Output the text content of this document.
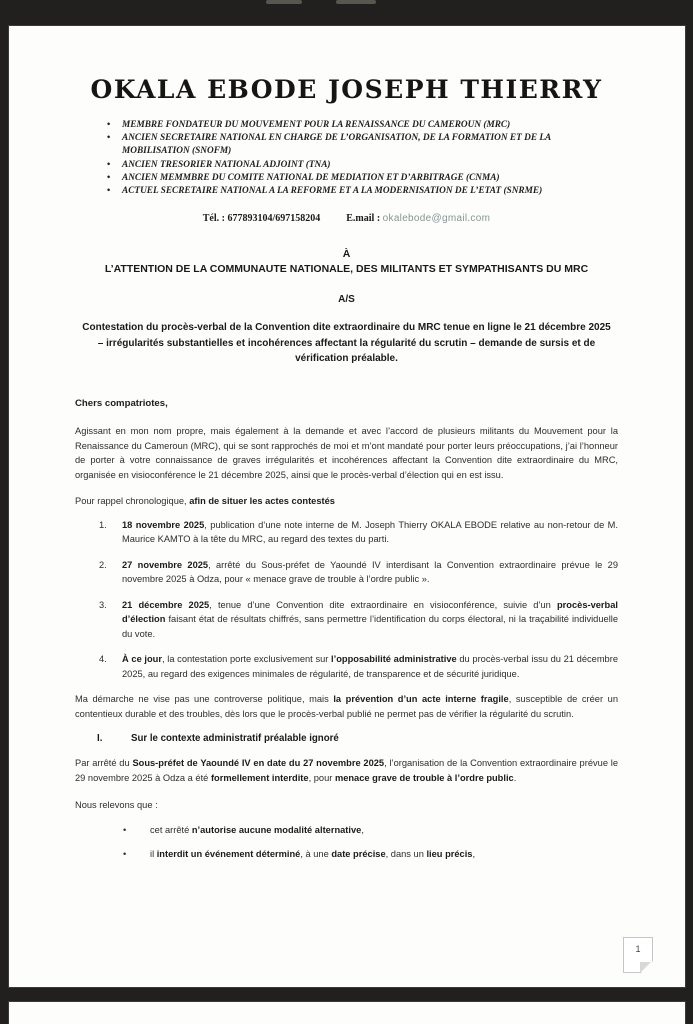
OKALA EBODE JOSEPH THIERRY
• MEMBRE FONDATEUR DU MOUVEMENT POUR LA RENAISSANCE DU CAMEROUN (MRC)
• ANCIEN SECRETAIRE NATIONAL EN CHARGE DE L’ORGANISATION, DE LA FORMATION ET DE LA MOBILISATION (SNOFM)
• ANCIEN TRESORIER NATIONAL ADJOINT (TNA)
• ANCIEN MEMMBRE DU COMITE NATIONAL DE MEDIATION ET D’ARBITRAGE (CNMA)
• ACTUEL SECRETAIRE NATIONAL A LA REFORME ET A LA MODERNISATION DE L’ETAT (SNRME)
Tél. : 677893104/697158204	E.mail : okalebode@gmail.com
À
L’ATTENTION DE LA COMMUNAUTE NATIONALE, DES MILITANTS ET SYMPATHISANTS DU MRC
A/S
Contestation du procès-verbal de la Convention dite extraordinaire du MRC tenue en ligne le 21 décembre 2025 – irrégularités substantielles et incohérences affectant la régularité du scrutin – demande de sursis et de vérification préalable.
Chers compatriotes,
Agissant en mon nom propre, mais également à la demande et avec l’accord de plusieurs militants du Mouvement pour la Renaissance du Cameroun (MRC), qui se sont rapprochés de moi et m’ont mandaté pour porter leurs préoccupations, j’ai l’honneur de porter à votre connaissance de graves irrégularités et incohérences affectant la Convention dite extraordinaire du MRC, organisée en visioconférence le 21 décembre 2025, ainsi que le procès-verbal d’élection qui en est issu.
Pour rappel chronologique, afin de situer les actes contestés
1.	18 novembre 2025, publication d’une note interne de M. Joseph Thierry OKALA EBODE relative au non-retour de M. Maurice KAMTO à la tête du MRC, au regard des textes du parti.
2.	27 novembre 2025, arrêté du Sous-préfet de Yaoundé IV interdisant la Convention extraordinaire prévue le 29 novembre 2025 à Odza, pour « menace grave de trouble à l’ordre public ».
3.	21 décembre 2025, tenue d’une Convention dite extraordinaire en visioconférence, suivie d’un procès-verbal d’élection faisant état de résultats chiffrés, sans permettre l’identification du corps électoral, ni la traçabilité individuelle du vote.
4.	À ce jour, la contestation porte exclusivement sur l’opposabilité administrative du procès-verbal issu du 21 décembre 2025, au regard des exigences minimales de régularité, de transparence et de sécurité juridique.
Ma démarche ne vise pas une controverse politique, mais la prévention d’un acte interne fragile, susceptible de créer un contentieux durable et des troubles, dès lors que le procès-verbal publié ne permet pas de vérifier la régularité du scrutin.
I.	Sur le contexte administratif préalable ignoré
Par arrêté du Sous-préfet de Yaoundé IV en date du 27 novembre 2025, l’organisation de la Convention extraordinaire prévue le 29 novembre 2025 à Odza a été formellement interdite, pour menace grave de trouble à l’ordre public.
Nous relevons que :
•	cet arrêté n’autorise aucune modalité alternative,
•	il interdit un événement déterminé, à une date précise, dans un lieu précis,
1
